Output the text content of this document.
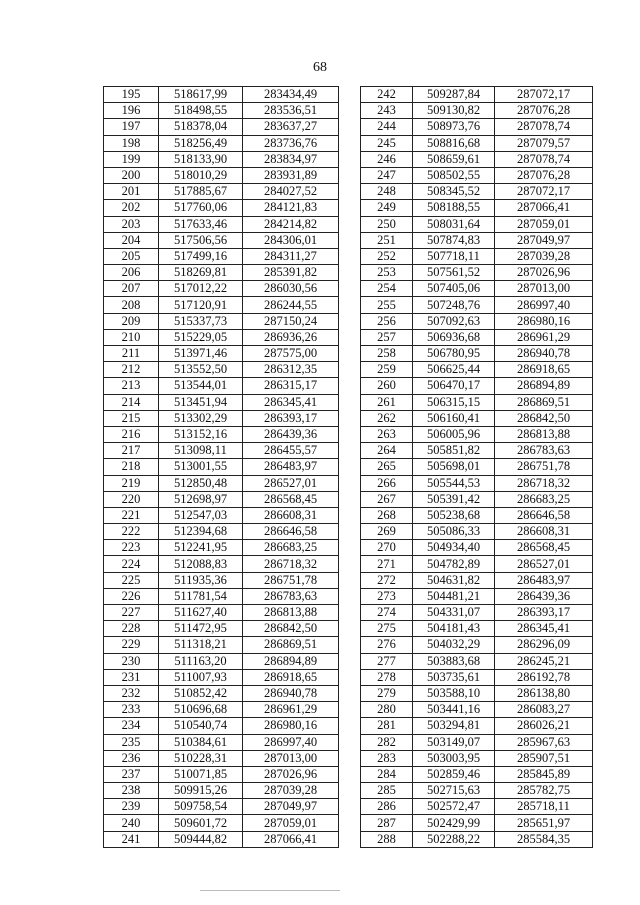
68
195	518617,99	283434,49
196	518498,55	283536,51
197	518378,04	283637,27
198	518256,49	283736,76
199	518133,90	283834,97
200	518010,29	283931,89
201	517885,67	284027,52
202	517760,06	284121,83
203	517633,46	284214,82
204	517506,56	284306,01
205	517499,16	284311,27
206	518269,81	285391,82
207	517012,22	286030,56
208	517120,91	286244,55
209	515337,73	287150,24
210	515229,05	286936,26
211	513971,46	287575,00
212	513552,50	286312,35
213	513544,01	286315,17
214	513451,94	286345,41
215	513302,29	286393,17
216	513152,16	286439,36
217	513098,11	286455,57
218	513001,55	286483,97
219	512850,48	286527,01
220	512698,97	286568,45
221	512547,03	286608,31
222	512394,68	286646,58
223	512241,95	286683,25
224	512088,83	286718,32
225	511935,36	286751,78
226	511781,54	286783,63
227	511627,40	286813,88
228	511472,95	286842,50
229	511318,21	286869,51
230	511163,20	286894,89
231	511007,93	286918,65
232	510852,42	286940,78
233	510696,68	286961,29
234	510540,74	286980,16
235	510384,61	286997,40
236	510228,31	287013,00
237	510071,85	287026,96
238	509915,26	287039,28
239	509758,54	287049,97
240	509601,72	287059,01
241	509444,82	287066,41
242	509287,84	287072,17
243	509130,82	287076,28
244	508973,76	287078,74
245	508816,68	287079,57
246	508659,61	287078,74
247	508502,55	287076,28
248	508345,52	287072,17
249	508188,55	287066,41
250	508031,64	287059,01
251	507874,83	287049,97
252	507718,11	287039,28
253	507561,52	287026,96
254	507405,06	287013,00
255	507248,76	286997,40
256	507092,63	286980,16
257	506936,68	286961,29
258	506780,95	286940,78
259	506625,44	286918,65
260	506470,17	286894,89
261	506315,15	286869,51
262	506160,41	286842,50
263	506005,96	286813,88
264	505851,82	286783,63
265	505698,01	286751,78
266	505544,53	286718,32
267	505391,42	286683,25
268	505238,68	286646,58
269	505086,33	286608,31
270	504934,40	286568,45
271	504782,89	286527,01
272	504631,82	286483,97
273	504481,21	286439,36
274	504331,07	286393,17
275	504181,43	286345,41
276	504032,29	286296,09
277	503883,68	286245,21
278	503735,61	286192,78
279	503588,10	286138,80
280	503441,16	286083,27
281	503294,81	286026,21
282	503149,07	285967,63
283	503003,95	285907,51
284	502859,46	285845,89
285	502715,63	285782,75
286	502572,47	285718,11
287	502429,99	285651,97
288	502288,22	285584,35
